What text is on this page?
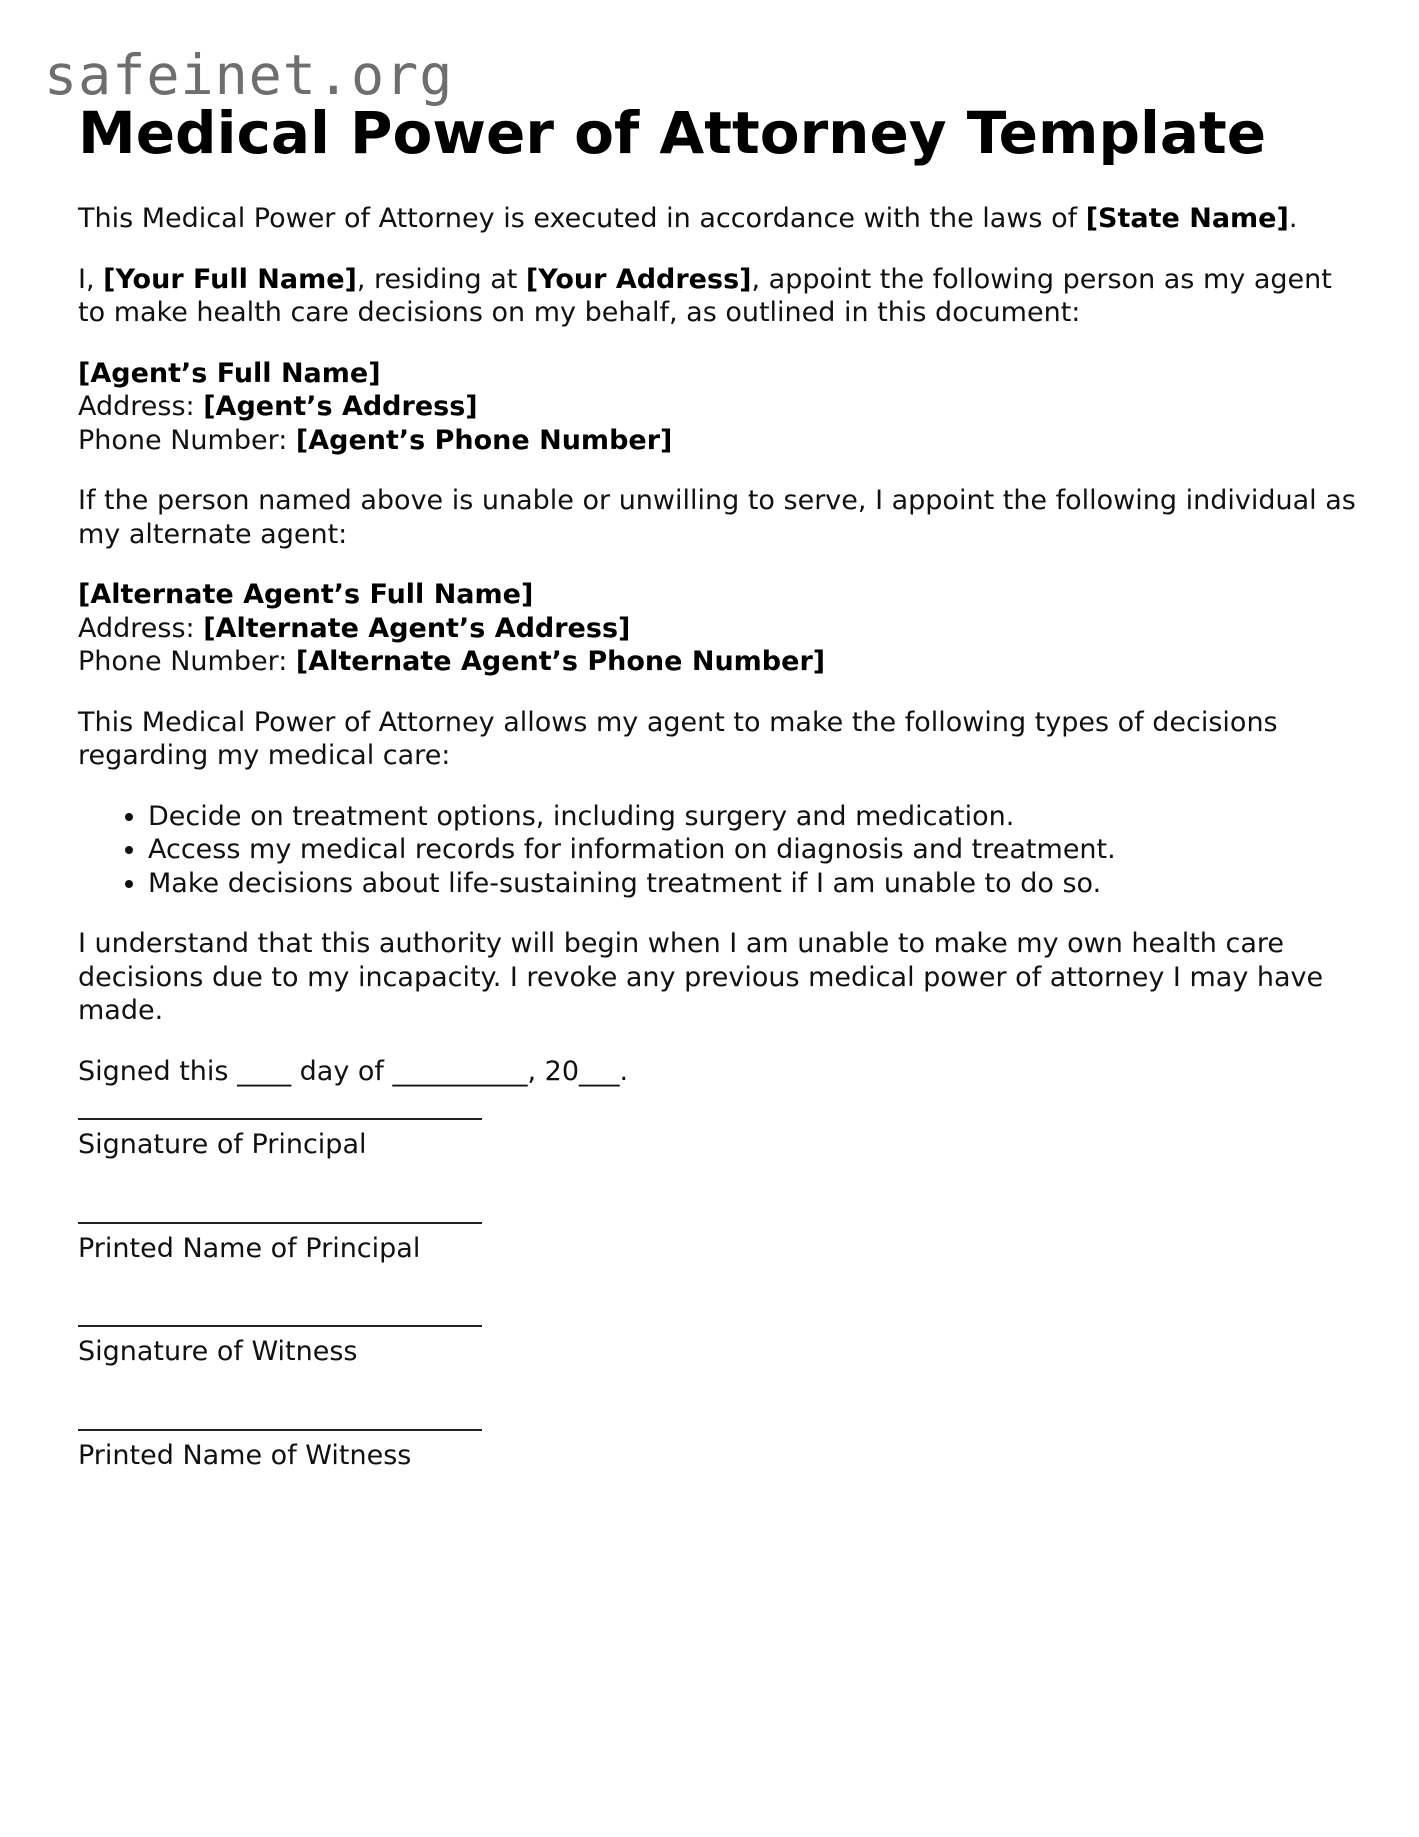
safeinet.org
Medical Power of Attorney Template

This Medical Power of Attorney is executed in accordance with the laws of [State Name].

I, [Your Full Name], residing at [Your Address], appoint the following person as my agent to make health care decisions on my behalf, as outlined in this document:

[Agent’s Full Name]
Address: [Agent’s Address]
Phone Number: [Agent’s Phone Number]

If the person named above is unable or unwilling to serve, I appoint the following individual as my alternate agent:

[Alternate Agent’s Full Name]
Address: [Alternate Agent’s Address]
Phone Number: [Alternate Agent’s Phone Number]

This Medical Power of Attorney allows my agent to make the following types of decisions regarding my medical care:

• Decide on treatment options, including surgery and medication.
• Access my medical records for information on diagnosis and treatment.
• Make decisions about life-sustaining treatment if I am unable to do so.

I understand that this authority will begin when I am unable to make my own health care decisions due to my incapacity. I revoke any previous medical power of attorney I may have made.

Signed this ____ day of __________, 20___.

Signature of Principal
Printed Name of Principal
Signature of Witness
Printed Name of Witness
